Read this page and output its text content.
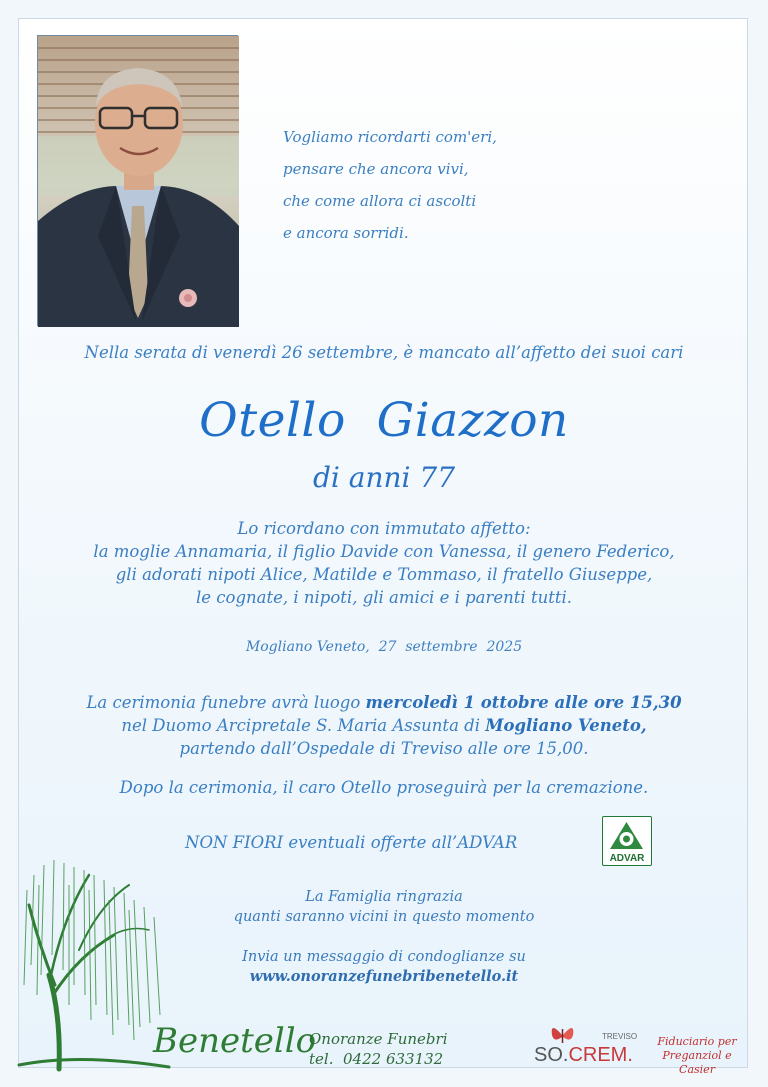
Vogliamo ricordarti com'eri,
pensare che ancora vivi,
che come allora ci ascolti
e ancora sorridi.
Nella serata di venerdì 26 settembre, è mancato all’affetto dei suoi cari
Otello  Giazzon
di anni 77
Lo ricordano con immutato affetto:
la moglie Annamaria, il figlio Davide con Vanessa, il genero Federico,
gli adorati nipoti Alice, Matilde e Tommaso, il fratello Giuseppe,
le cognate, i nipoti, gli amici e i parenti tutti.
Mogliano Veneto,  27  settembre  2025
La cerimonia funebre avrà luogo mercoledì 1 ottobre alle ore 15,30
nel Duomo Arcipretale S. Maria Assunta di Mogliano Veneto,
partendo dall’Ospedale di Treviso alle ore 15,00.
Dopo la cerimonia, il caro Otello proseguirà per la cremazione.
NON FIORI eventuali offerte all’ADVAR
ADVAR
La Famiglia ringrazia
quanti saranno vicini in questo momento
Invia un messaggio di condoglianze su
www.onoranzefunebribenetello.it
Benetello
Onoranze Funebri
tel.  0422 633132
TREVISO
SO.CREM.
Fiduciario per
Preganziol e Casier
